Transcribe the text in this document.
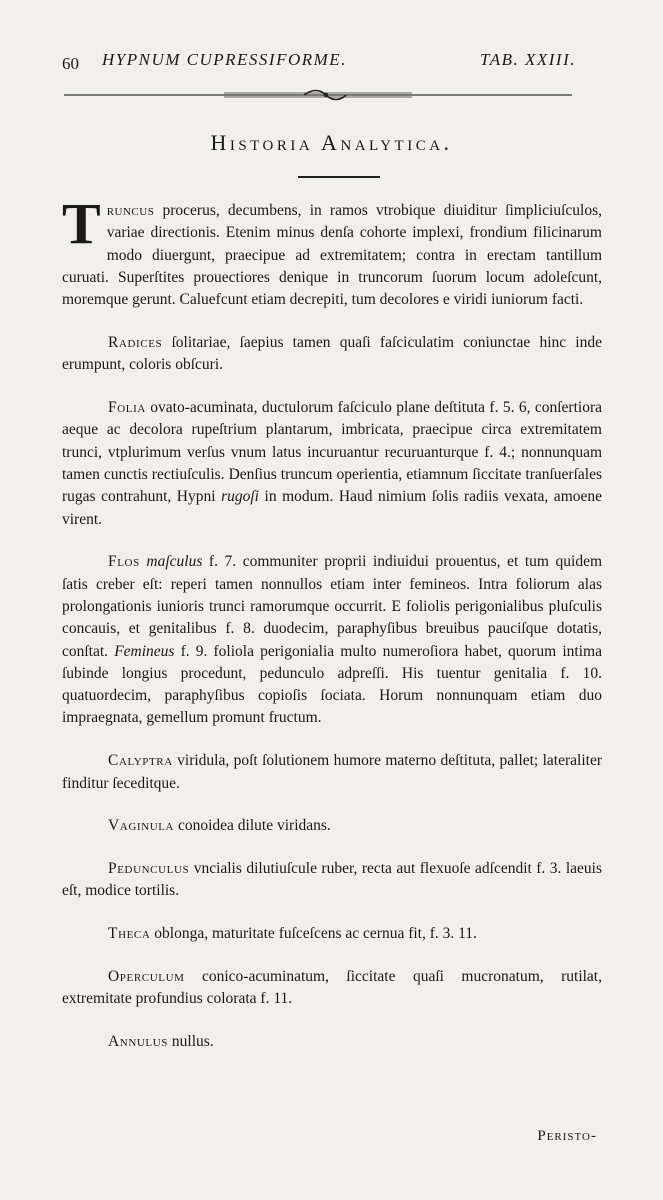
60 HYPNUM CUPRESSIFORME.	TAB. XXIII.
Historia Analytica.

Truncus procerus, decumbens, in ramos vtrobique diuiditur ſimpliciuſculos, variae directionis. Etenim minus denſa cohorte implexi, frondium filicinarum modo diuergunt, praecipue ad extremitatem; contra in erectam tantillum curuati. Superſtites prouectiores denique in truncorum ſuorum locum adoleſcunt, moremque gerunt. Caluefcunt etiam decrepiti, tum decolores e viridi iuniorum facti.

Radices ſolitariae, ſaepius tamen quaſi faſciculatim coniunctae hinc inde erumpunt, coloris obſcuri.

Folia ovato-acuminata, ductulorum faſciculo plane deſtituta f. 5. 6, conſertiora aeque ac decolora rupeſtrium plantarum, imbricata, praecipue circa extremitatem trunci, vtplurimum verſus vnum latus incuruantur recuruanturque f. 4.; nonnunquam tamen cunctis rectiuſculis. Denſius truncum operientia, etiamnum ſiccitate tranſuerſales rugas contrahunt, Hypni rugoſi in modum. Haud nimium ſolis radiis vexata, amoene virent.

Flos maſculus f. 7. communiter proprii indiuidui prouentus, et tum quidem ſatis creber eſt: reperi tamen nonnullos etiam inter femineos. Intra foliorum alas prolongationis iunioris trunci ramorumque occurrit. E foliolis perigonialibus pluſculis concauis, et genitalibus f. 8. duodecim, paraphyſibus breuibus pauciſque dotatis, conſtat. Femineus f. 9. foliola perigonialia multo numeroſiora habet, quorum intima ſubinde longius procedunt, pedunculo adpreſſi. His tuentur genitalia f. 10. quatuordecim, paraphyſibus copioſis ſociata. Horum nonnunquam etiam duo impraegnata, gemellum promunt fructum.

Calyptra viridula, poſt ſolutionem humore materno deſtituta, pallet; lateraliter finditur ſeceditque.

Vaginula conoidea dilute viridans.

Pedunculus vncialis dilutiuſcule ruber, recta aut flexuoſe adſcendit f. 3. laeuis eſt, modice tortilis.

Theca oblonga, maturitate fuſceſcens ac cernua fit, f. 3. 11.

Operculum conico-acuminatum, ſiccitate quaſi mucronatum, rutilat, extremitate profundius colorata f. 11.

Annulus nullus.

Peristo-
